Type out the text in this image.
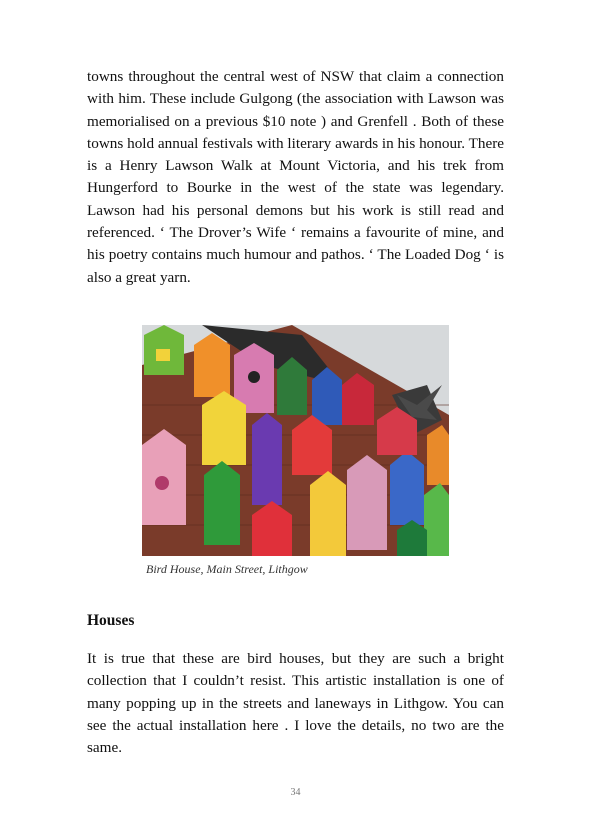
towns throughout the central west of NSW that claim a connection with him. These include Gulgong (the association with Lawson was memorialised on a previous $10 note ) and Grenfell . Both of these towns hold annual festivals with literary awards in his honour. There is a Henry Lawson Walk at Mount Victoria, and his trek from Hungerford to Bourke in the west of the state was legendary. Lawson had his personal demons but his work is still read and referenced. ‘ The Drover’s Wife ‘ remains a favourite of mine, and his poetry contains much humour and pathos. ‘ The Loaded Dog ‘ is also a great yarn.

Bird House, Main Street, Lithgow
Houses

It is true that these are bird houses, but they are such a bright collection that I couldn’t resist. This artistic installation is one of many popping up in the streets and laneways in Lithgow. You can see the actual installation here . I love the details, no two are the same.

34
